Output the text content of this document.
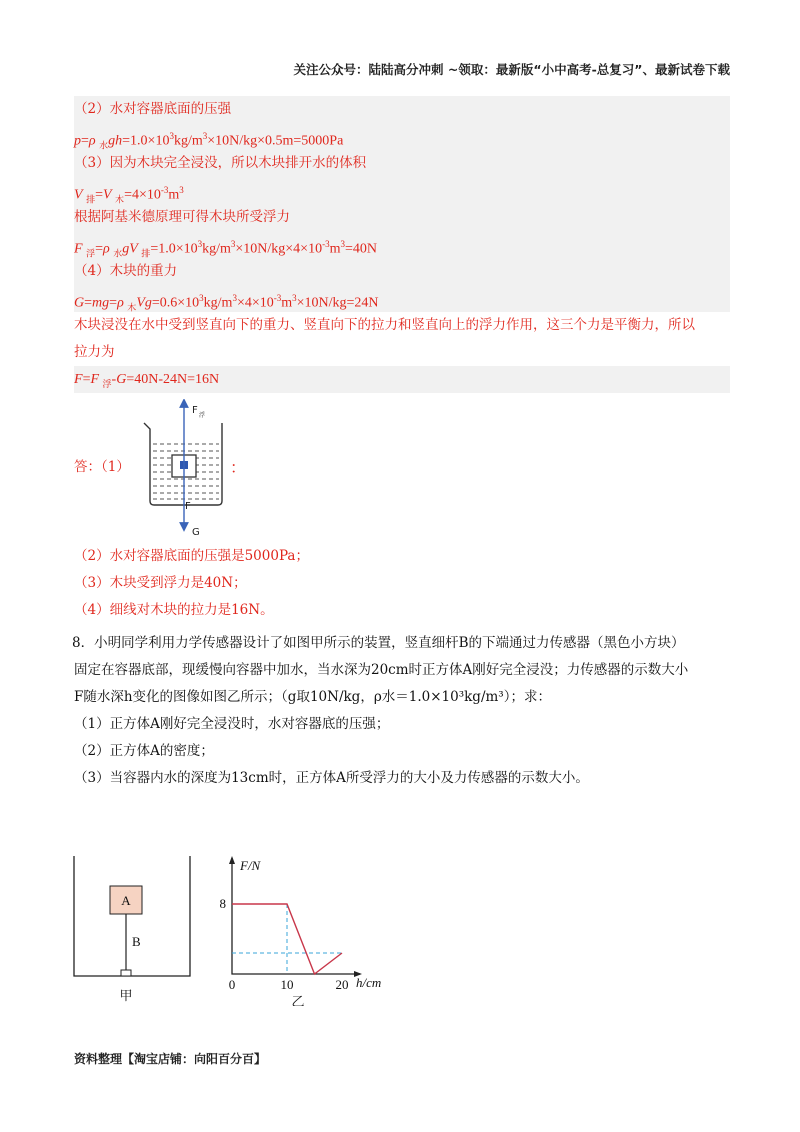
关注公众号：陆陆高分冲刺 ~领取：最新版“小中高考-总复习”、最新试卷下载
（2）水对容器底面的压强
p=ρ $_水gh=1.0\times 10^3kg/m^3\times 10N/kg\times 0.5m=5000Pa$
（3）因为木块完全浸没，所以木块排开水的体积
V $_排$=V $_木=4\times 10^{-3}m^3$
根据阿基米德原理可得木块所受浮力
F $_浮$=ρ $_水$gV $_排=1.0\times 10^3kg/m^3\times 10N/kg\times 4\times 10^{-3}m^3=40N$
（4）木块的重力
G=mg=ρ $_木Vg=0.6\times 10^3kg/m^3\times 4\times 10^{-3}m^3\times 10N/kg=24N$
木块浸没在水中受到竖直向下的重力、竖直向下的拉力和竖直向上的浮力作用，这三个力是平衡力，所以
拉力为
F=F $_浮$-G=40N-24N=16N
答：（1）
F 浮
F
G
：
（2）水对容器底面的压强是5000Pa；
（3）木块受到浮力是40N；
（4）细线对木块的拉力是16N。
8．小明同学利用力学传感器设计了如图甲所示的装置，竖直细杆B的下端通过力传感器（黑色小方块）
固定在容器底部，现缓慢向容器中加水，当水深为20cm时正方体A刚好完全浸没；力传感器的示数大小
F随水深h变化的图像如图乙所示；（g取10N/kg，ρ水＝1.0×10³kg/m³）；求：
（1）正方体A刚好完全浸没时，水对容器底的压强；
（2）正方体A的密度；
（3）当容器内水的深度为13cm时，正方体A所受浮力的大小及力传感器的示数大小。
A
B
甲
F/N
h/cm
0	10	20
8
乙
资料整理【淘宝店铺：向阳百分百】
